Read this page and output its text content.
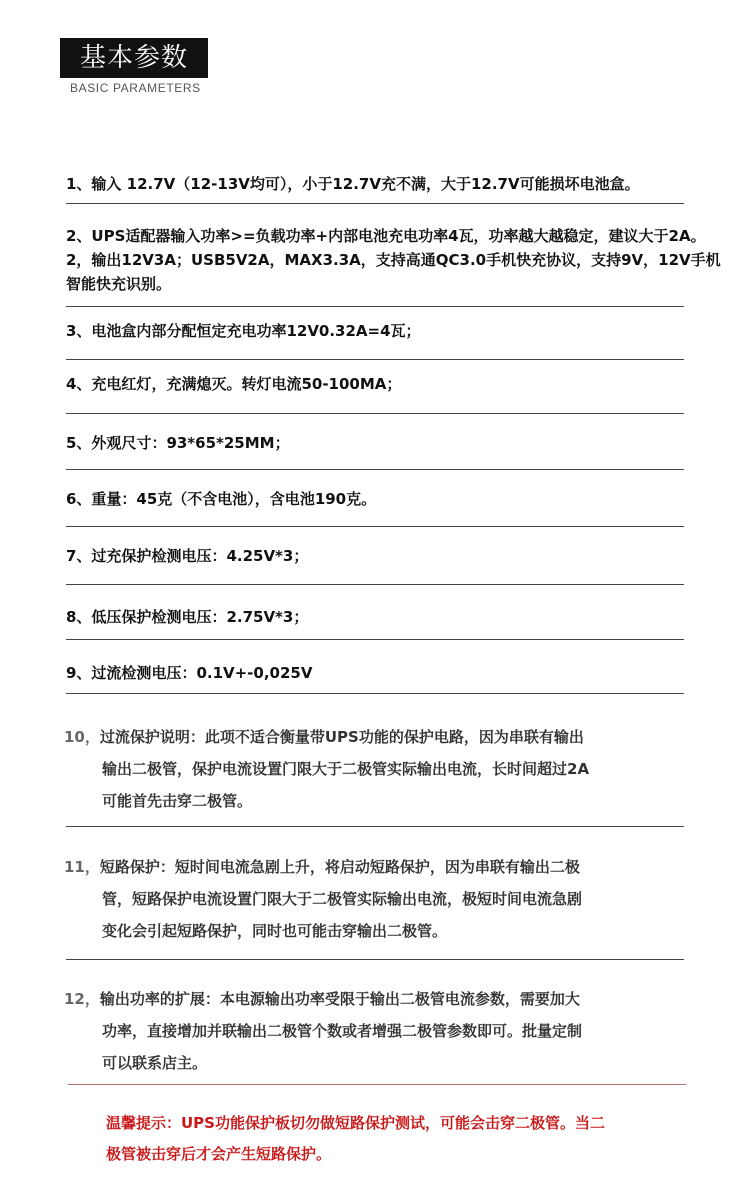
基本参数
BASIC PARAMETERS
1、输入 12.7V（12-13V均可），小于12.7V充不满，大于12.7V可能损坏电池盒。
2、UPS适配器输入功率>=负载功率+内部电池充电功率4瓦，功率越大越稳定，建议大于2A。2，输出12V3A；USB5V2A，MAX3.3A，支持高通QC3.0手机快充协议，支持9V，12V手机智能快充识别。
3、电池盒内部分配恒定充电功率12V0.32A=4瓦；
4、充电红灯，充满熄灭。转灯电流50-100MA；
5、外观尺寸：93*65*25MM；
6、重量：45克（不含电池），含电池190克。
7、过充保护检测电压：4.25V*3；
8、低压保护检测电压：2.75V*3；
9、过流检测电压：0.1V+-0,025V
10，过流保护说明：此项不适合衡量带UPS功能的保护电路，因为串联有输出
输出二极管，保护电流设置门限大于二极管实际输出电流，长时间超过2A
可能首先击穿二极管。
11，短路保护：短时间电流急剧上升，将启动短路保护，因为串联有输出二极
管，短路保护电流设置门限大于二极管实际输出电流，极短时间电流急剧
变化会引起短路保护，同时也可能击穿输出二极管。
12，输出功率的扩展：本电源输出功率受限于输出二极管电流参数，需要加大
功率，直接增加并联输出二极管个数或者增强二极管参数即可。批量定制
可以联系店主。
温馨提示：UPS功能保护板切勿做短路保护测试，可能会击穿二极管。当二
极管被击穿后才会产生短路保护。
